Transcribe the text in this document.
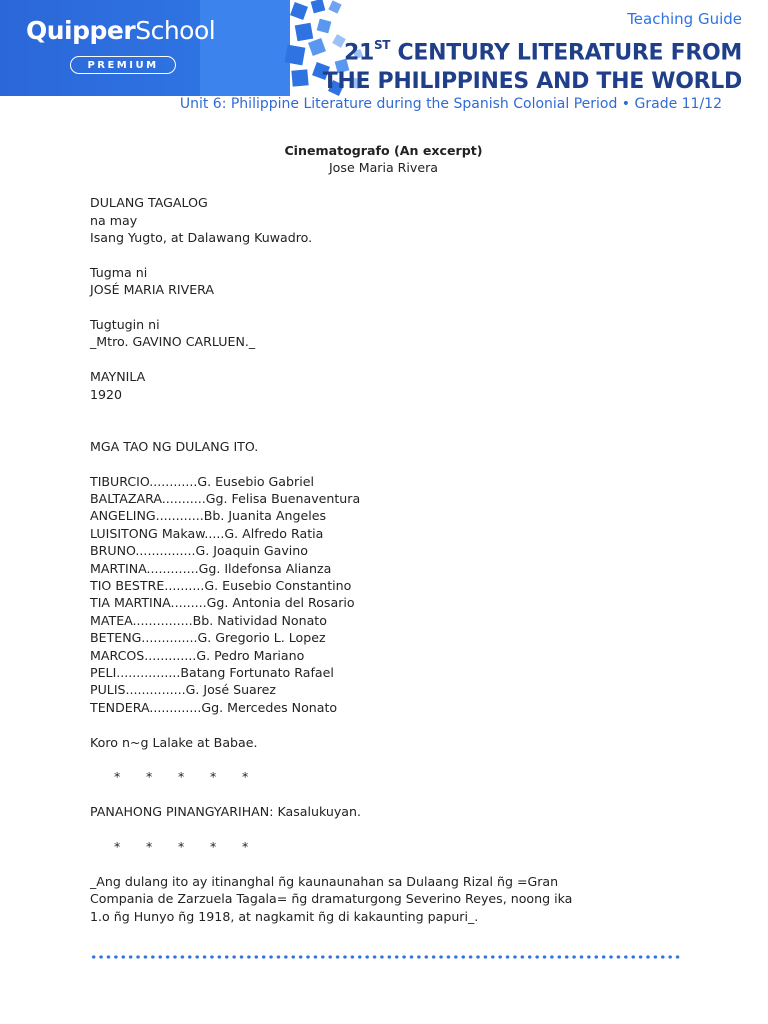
QuipperSchool
PREMIUM
Teaching Guide
21ST CENTURY LITERATURE FROM
THE PHILIPPINES AND THE WORLD
Unit 6: Philippine Literature during the Spanish Colonial Period • Grade 11/12
Cinematografo (An excerpt)
Jose Maria Rivera
DULANG TAGALOG
na may
Isang Yugto, at Dalawang Kuwadro.
Tugma ni
JOSÉ MARIA RIVERA
Tugtugin ni
_Mtro. GAVINO CARLUEN._
MAYNILA
1920
MGA TAO NG DULANG ITO.
TIBURCIO............G. Eusebio Gabriel
BALTAZARA...........Gg. Felisa Buenaventura
ANGELING............Bb. Juanita Angeles
LUISITONG Makaw.....G. Alfredo Ratia
BRUNO...............G. Joaquin Gavino
MARTINA.............Gg. Ildefonsa Alianza
TIO BESTRE..........G. Eusebio Constantino
TIA MARTINA.........Gg. Antonia del Rosario
MATEA...............Bb. Natividad Nonato
BETENG..............G. Gregorio L. Lopez
MARCOS.............G. Pedro Mariano
PELI................Batang Fortunato Rafael
PULIS...............G. José Suarez
TENDERA.............Gg. Mercedes Nonato
Koro n~g Lalake at Babae.
* * * * *
PANAHONG PINANGYARIHAN: Kasalukuyan.
* * * * *
_Ang dulang ito ay itinanghal ñg kaunaunahan sa Dulaang Rizal ñg =Gran
Compania de Zarzuela Tagala= ñg dramaturgong Severino Reyes, noong ika
1.o ñg Hunyo ñg 1918, at nagkamit ñg di kakaunting papuri_.
